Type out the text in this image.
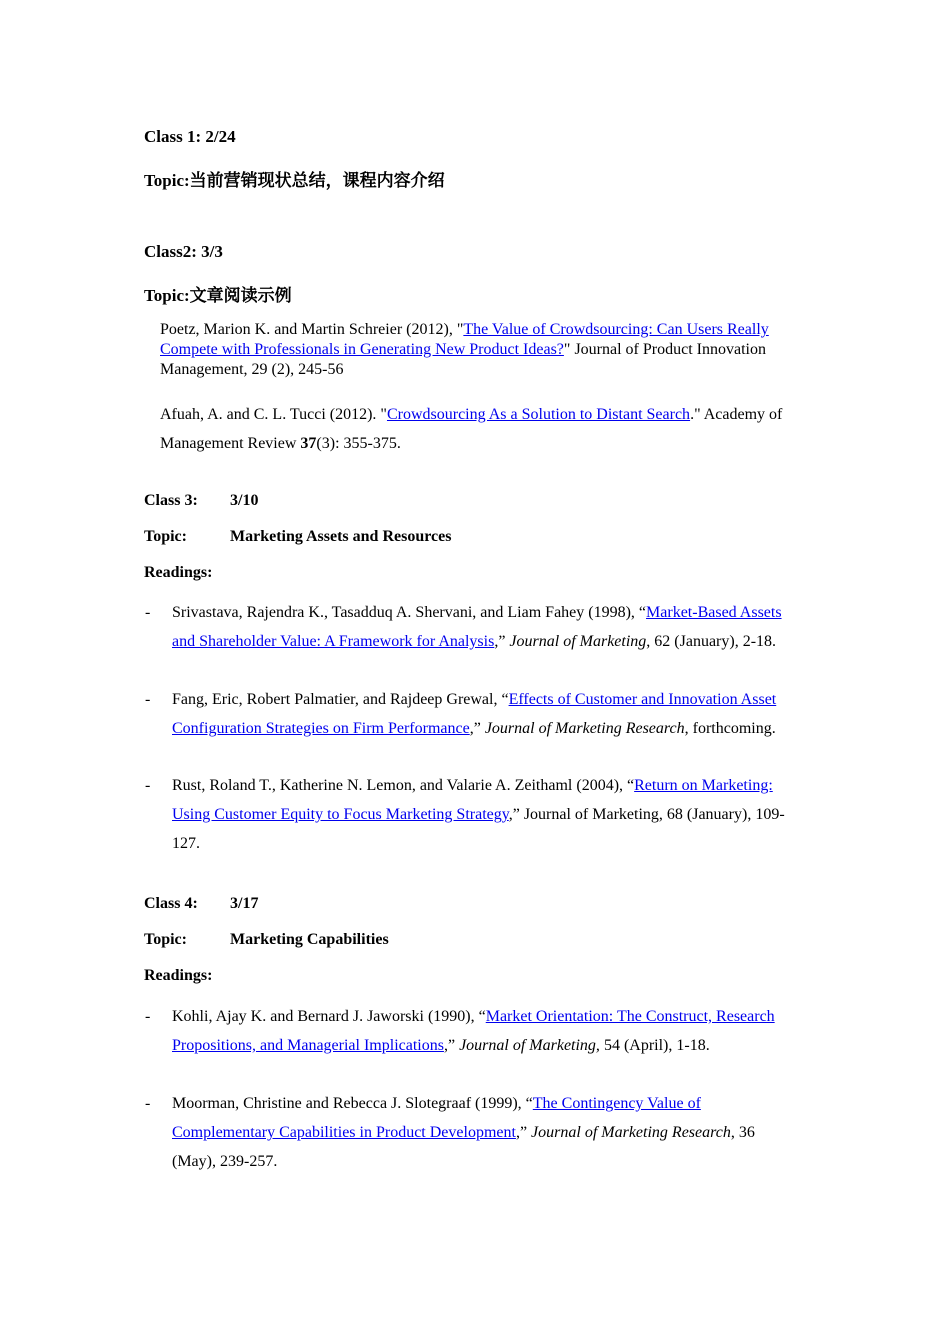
Class 1: 2/24

Topic:当前营销现状总结，课程内容介绍

Class2: 3/3

Topic:文章阅读示例

Poetz, Marion K. and Martin Schreier (2012), "The Value of Crowdsourcing: Can Users Really Compete with Professionals in Generating New Product Ideas?" Journal of Product Innovation Management, 29 (2), 245-56

Afuah, A. and C. L. Tucci (2012). "Crowdsourcing As a Solution to Distant Search." Academy of Management Review 37(3): 355-375.

Class 3: 3/10

Topic:	Marketing Assets and Resources

Readings:

- Srivastava, Rajendra K., Tasadduq A. Shervani, and Liam Fahey (1998), “Market-Based Assets and Shareholder Value: A Framework for Analysis,” Journal of Marketing, 62 (January), 2-18.

- Fang, Eric, Robert Palmatier, and Rajdeep Grewal, “Effects of Customer and Innovation Asset Configuration Strategies on Firm Performance,” Journal of Marketing Research, forthcoming.

- Rust, Roland T., Katherine N. Lemon, and Valarie A. Zeithaml (2004), “Return on Marketing: Using Customer Equity to Focus Marketing Strategy,” Journal of Marketing, 68 (January), 109-127.

Class 4: 3/17

Topic:	Marketing Capabilities

Readings:

- Kohli, Ajay K. and Bernard J. Jaworski (1990), “Market Orientation: The Construct, Research Propositions, and Managerial Implications,” Journal of Marketing, 54 (April), 1-18.

- Moorman, Christine and Rebecca J. Slotegraaf (1999), “The Contingency Value of Complementary Capabilities in Product Development,” Journal of Marketing Research, 36 (May), 239-257.
